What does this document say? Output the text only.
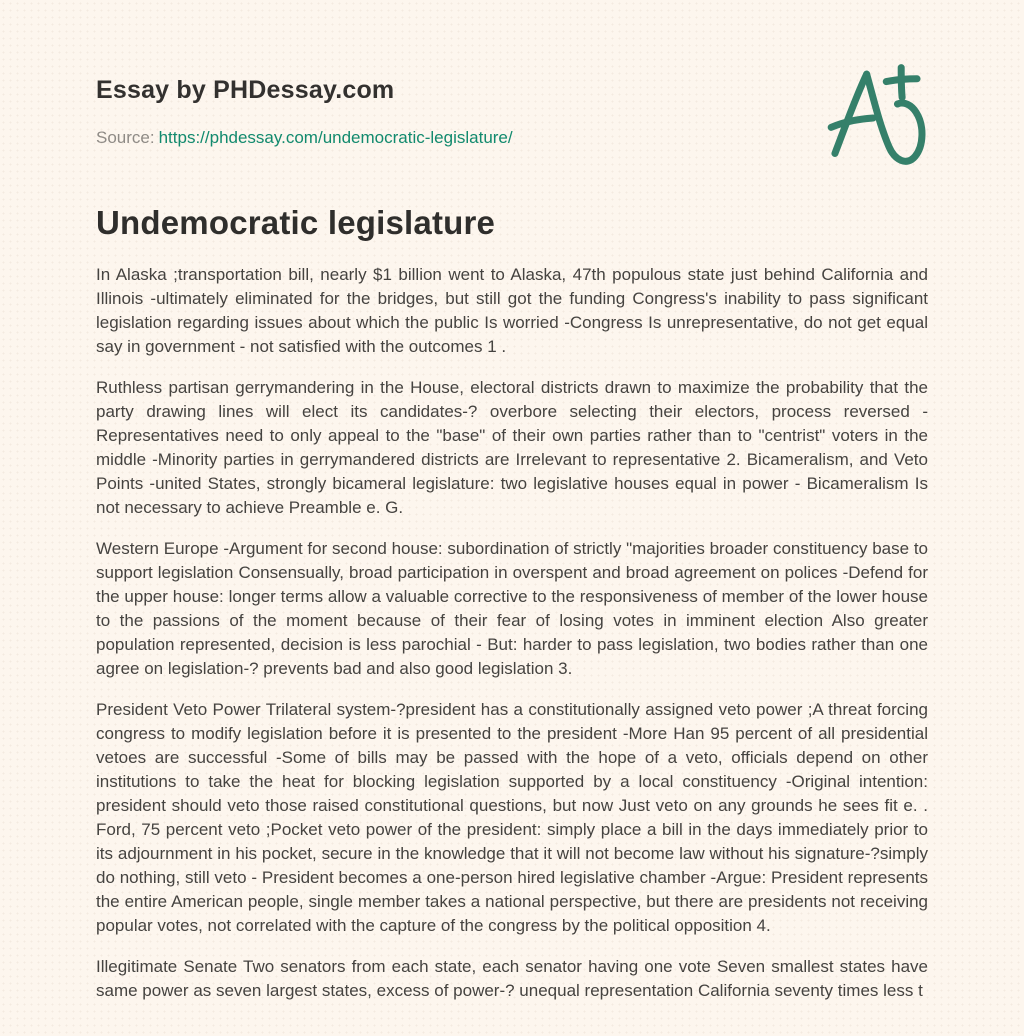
Essay by PHDessay.com
Source: https://phdessay.com/undemocratic-legislature/
Undemocratic legislature

In Alaska ;transportation bill, nearly $1 billion went to Alaska, 47th populous state just behind California and Illinois -ultimately eliminated for the bridges, but still got the funding Congress's inability to pass significant legislation regarding issues about which the public Is worried -Congress Is unrepresentative, do not get equal say in government - not satisfied with the outcomes 1 .

Ruthless partisan gerrymandering in the House, electoral districts drawn to maximize the probability that the party drawing lines will elect its candidates-? overbore selecting their electors, process reversed - Representatives need to only appeal to the "base" of their own parties rather than to "centrist" voters in the middle -Minority parties in gerrymandered districts are Irrelevant to representative 2. Bicameralism, and Veto Points -united States, strongly bicameral legislature: two legislative houses equal in power - Bicameralism Is not necessary to achieve Preamble e. G.

Western Europe -Argument for second house: subordination of strictly "majorities broader constituency base to support legislation Consensually, broad participation in overspent and broad agreement on polices -Defend for the upper house: longer terms allow a valuable corrective to the responsiveness of member of the lower house to the passions of the moment because of their fear of losing votes in imminent election Also greater population represented, decision is less parochial - But: harder to pass legislation, two bodies rather than one agree on legislation-? prevents bad and also good legislation 3.

President Veto Power Trilateral system-?president has a constitutionally assigned veto power ;A threat forcing congress to modify legislation before it is presented to the president -More Han 95 percent of all presidential vetoes are successful -Some of bills may be passed with the hope of a veto, officials depend on other institutions to take the heat for blocking legislation supported by a local constituency -Original intention: president should veto those raised constitutional questions, but now Just veto on any grounds he sees fit e. . Ford, 75 percent veto ;Pocket veto power of the president: simply place a bill in the days immediately prior to its adjournment in his pocket, secure in the knowledge that it will not become law without his signature-?simply do nothing, still veto - President becomes a one-person hired legislative chamber -Argue: President represents the entire American people, single member takes a national perspective, but there are presidents not receiving popular votes, not correlated with the capture of the congress by the political opposition 4.

Illegitimate Senate Two senators from each state, each senator having one vote Seven smallest states have same power as seven largest states, excess of power-? unequal representation California seventy times less t
